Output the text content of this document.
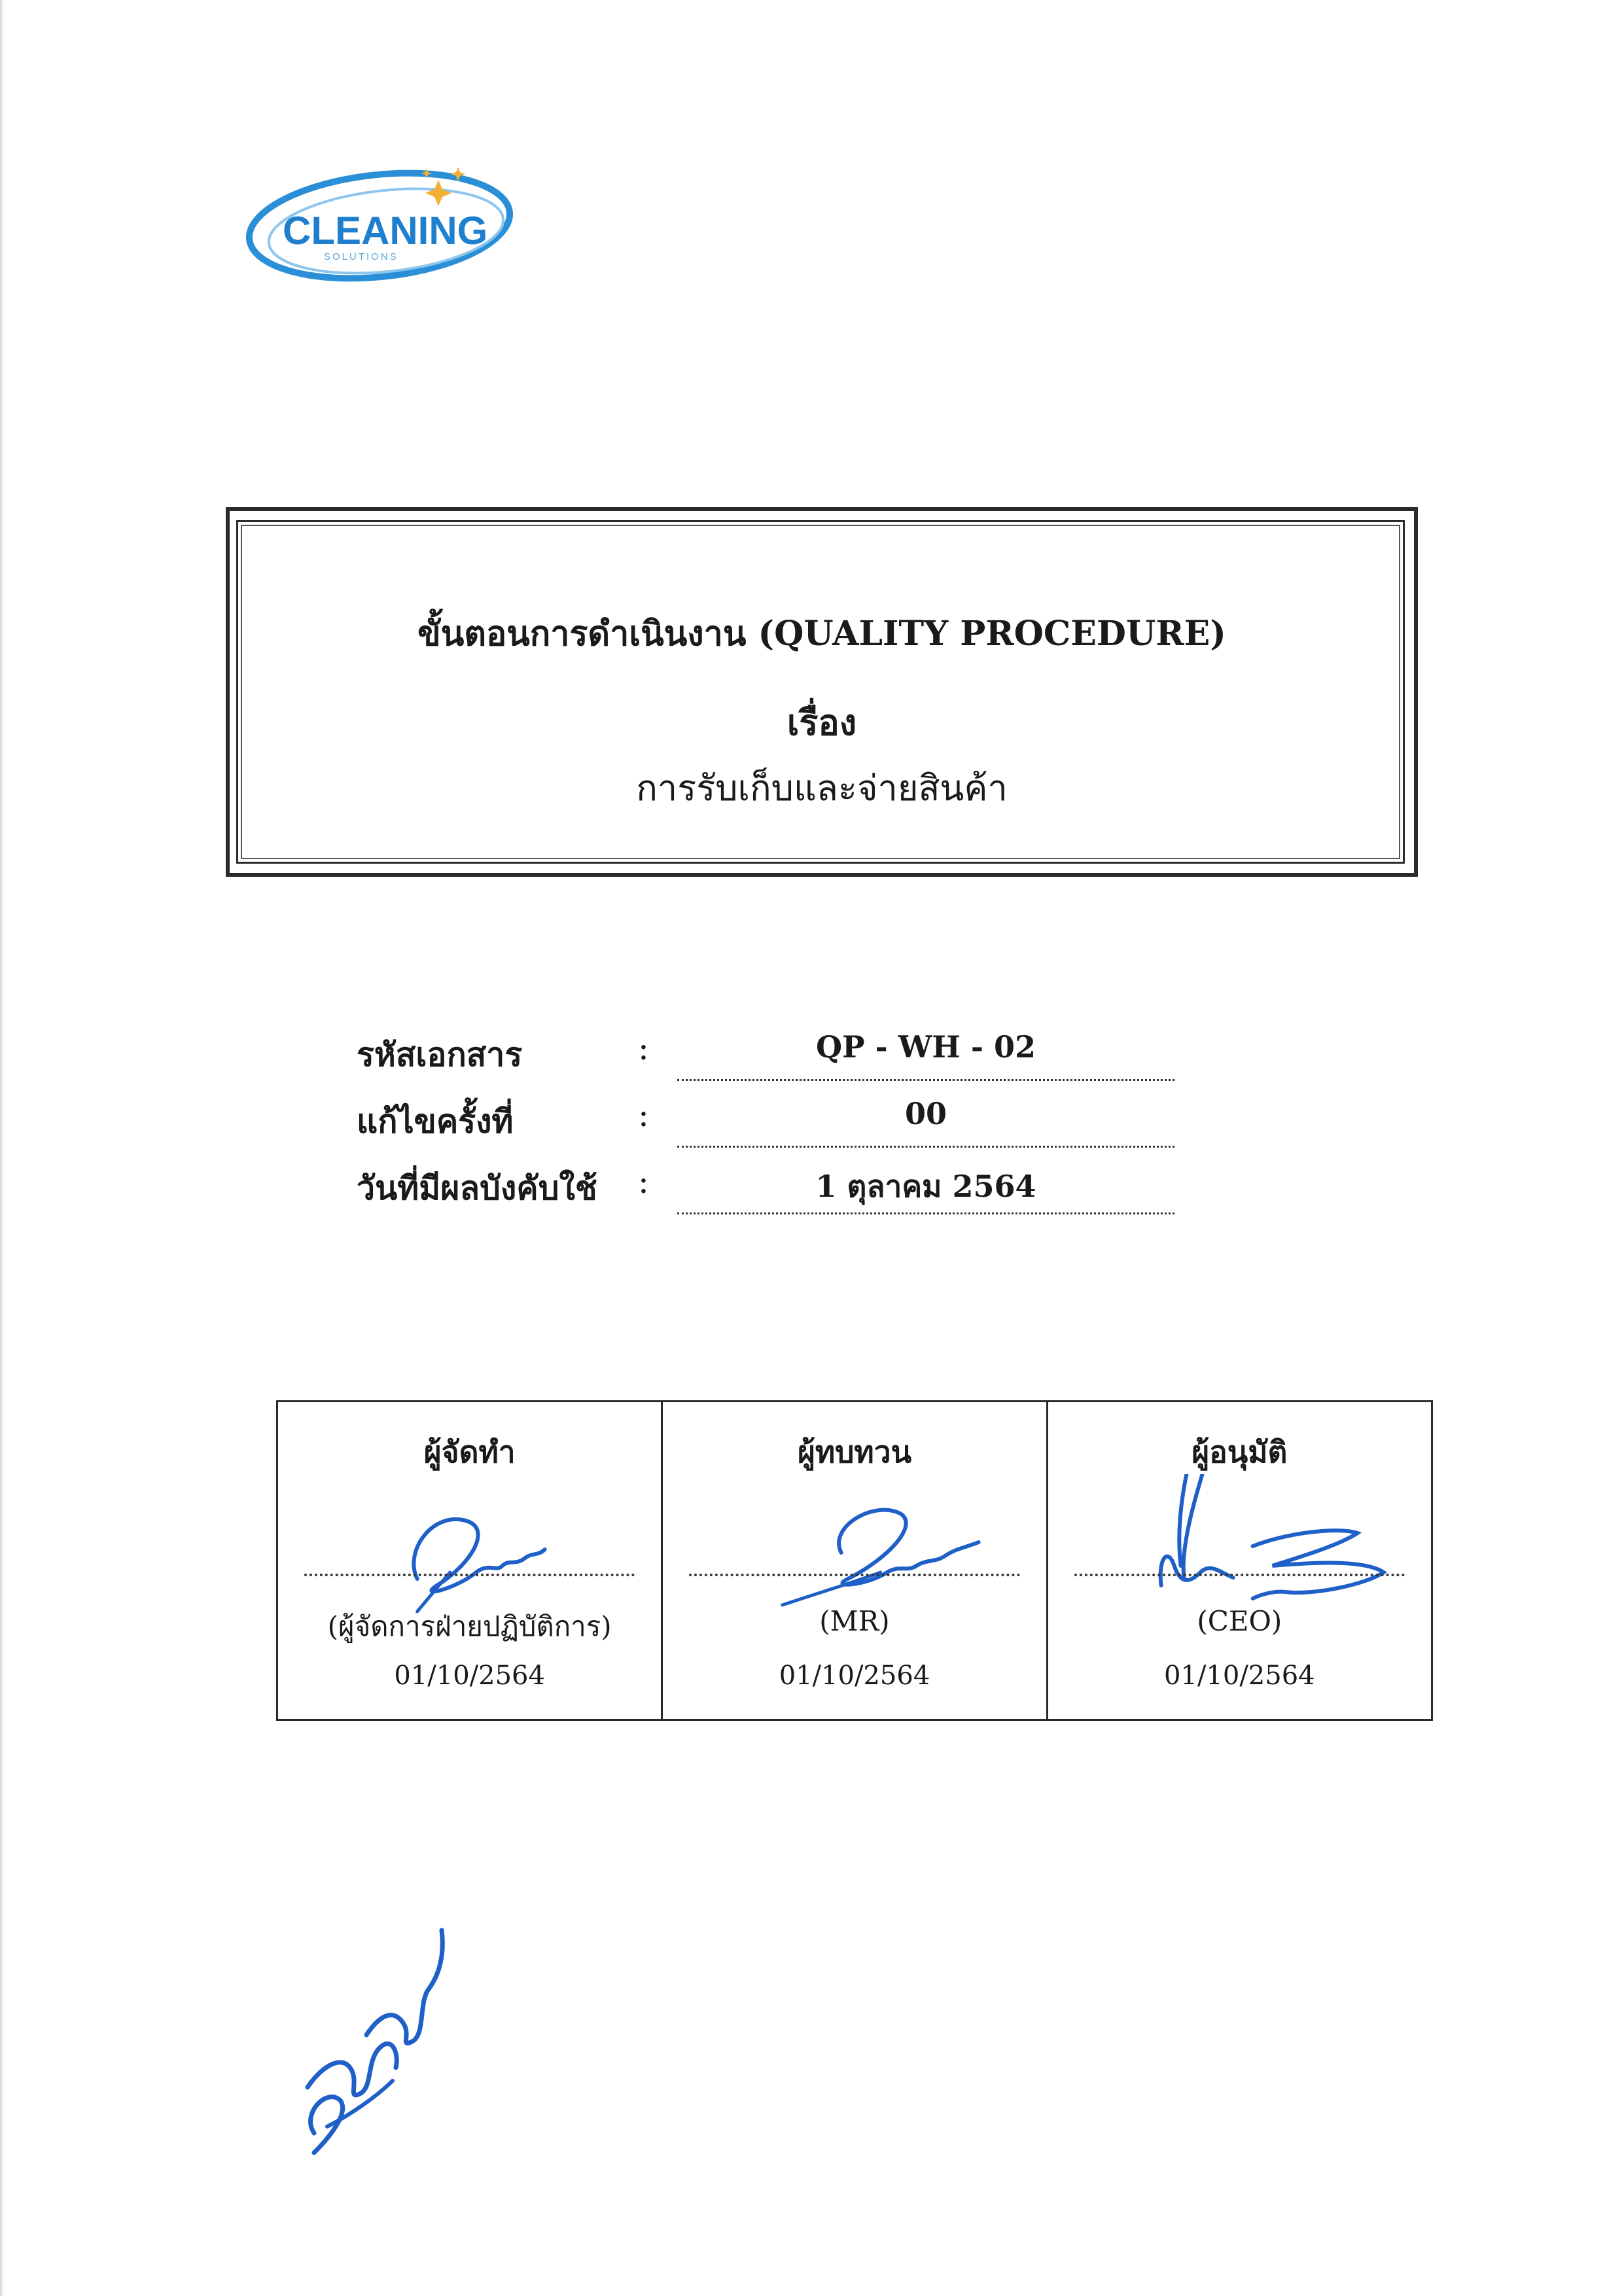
CLEANING
SOLUTIONS
ขั้นตอนการดำเนินงาน (QUALITY PROCEDURE)
เรื่อง
การรับเก็บและจ่ายสินค้า
รหัสเอกสาร	:	QP - WH - 02
แก้ไขครั้งที่	:	00
วันที่มีผลบังคับใช้ :	1 ตุลาคม 2564
ผู้จัดทำ
(ผู้จัดการฝ่ายปฏิบัติการ)
01/10/2564
ผู้ทบทวน
(MR)
01/10/2564
ผู้อนุมัติ
(CEO)
01/10/2564
